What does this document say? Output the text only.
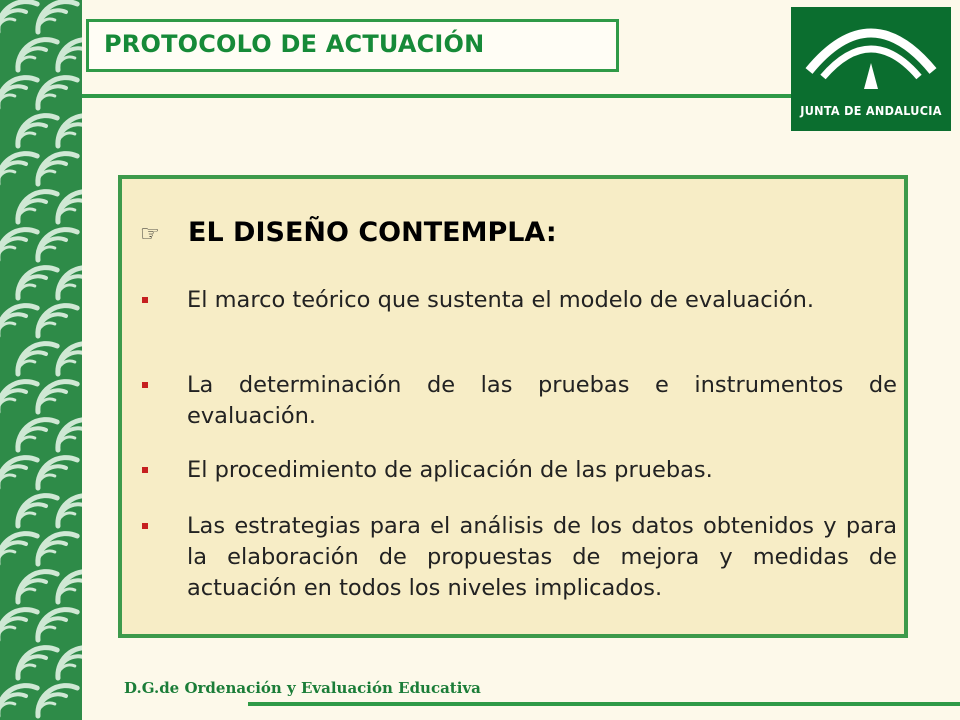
PROTOCOLO DE ACTUACIÓN
JUNTA DE ANDALUCIA
☞ EL DISEÑO CONTEMPLA:
El marco teórico que sustenta el modelo de evaluación.
La determinación de las pruebas e instrumentos de evaluación.
El procedimiento de aplicación de las pruebas.
Las estrategias para el análisis de los datos obtenidos y para la elaboración de propuestas de mejora y medidas de actuación en todos los niveles implicados.
D.G.de Ordenación y Evaluación Educativa
